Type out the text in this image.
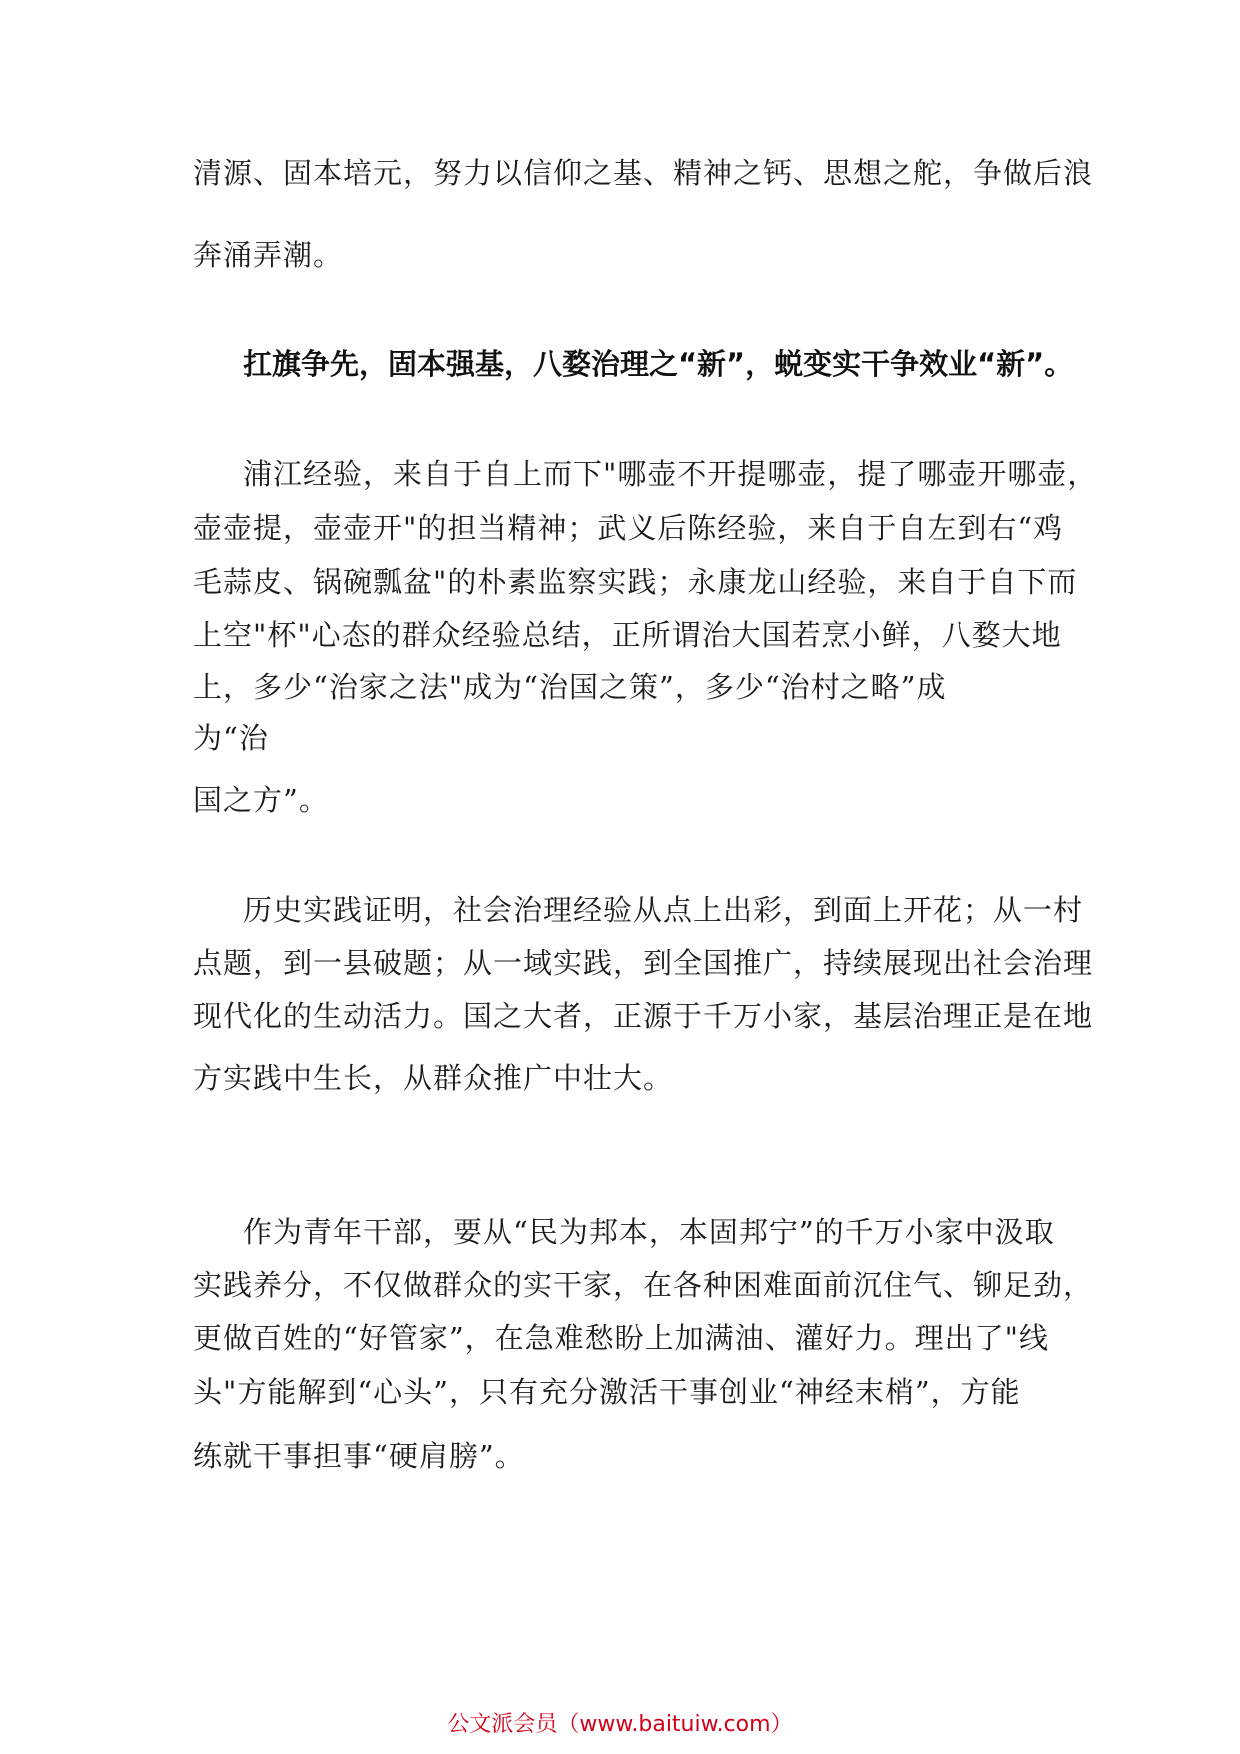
清源、固本培元，努力以信仰之基、精神之钙、思想之舵，争做后浪

奔涌弄潮。

扛旗争先，固本强基，八婺治理之“新”，蜕变实干争效业“新”。

浦江经验，来自于自上而下"哪壶不开提哪壶，提了哪壶开哪壶，

壶壶提，壶壶开"的担当精神；武义后陈经验，来自于自左到右“鸡

毛蒜皮、锅碗瓢盆"的朴素监察实践；永康龙山经验，来自于自下而

上空"杯"心态的群众经验总结，正所谓治大国若烹小鲜，八婺大地

上，多少“治家之法"成为“治国之策”，多少“治村之略”成

为“治

国之方”。

历史实践证明，社会治理经验从点上出彩，到面上开花；从一村

点题，到一县破题；从一域实践，到全国推广，持续展现出社会治理

现代化的生动活力。国之大者，正源于千万小家，基层治理正是在地

方实践中生长，从群众推广中壮大。

作为青年干部，要从“民为邦本，本固邦宁”的千万小家中汲取

实践养分，不仅做群众的实干家，在各种困难面前沉住气、铆足劲，

更做百姓的“好管家”，在急难愁盼上加满油、灌好力。理出了"线

头"方能解到“心头”，只有充分激活干事创业“神经末梢”，方能

练就干事担事“硬肩膀”。

公文派会员（www.baituiw.com）
